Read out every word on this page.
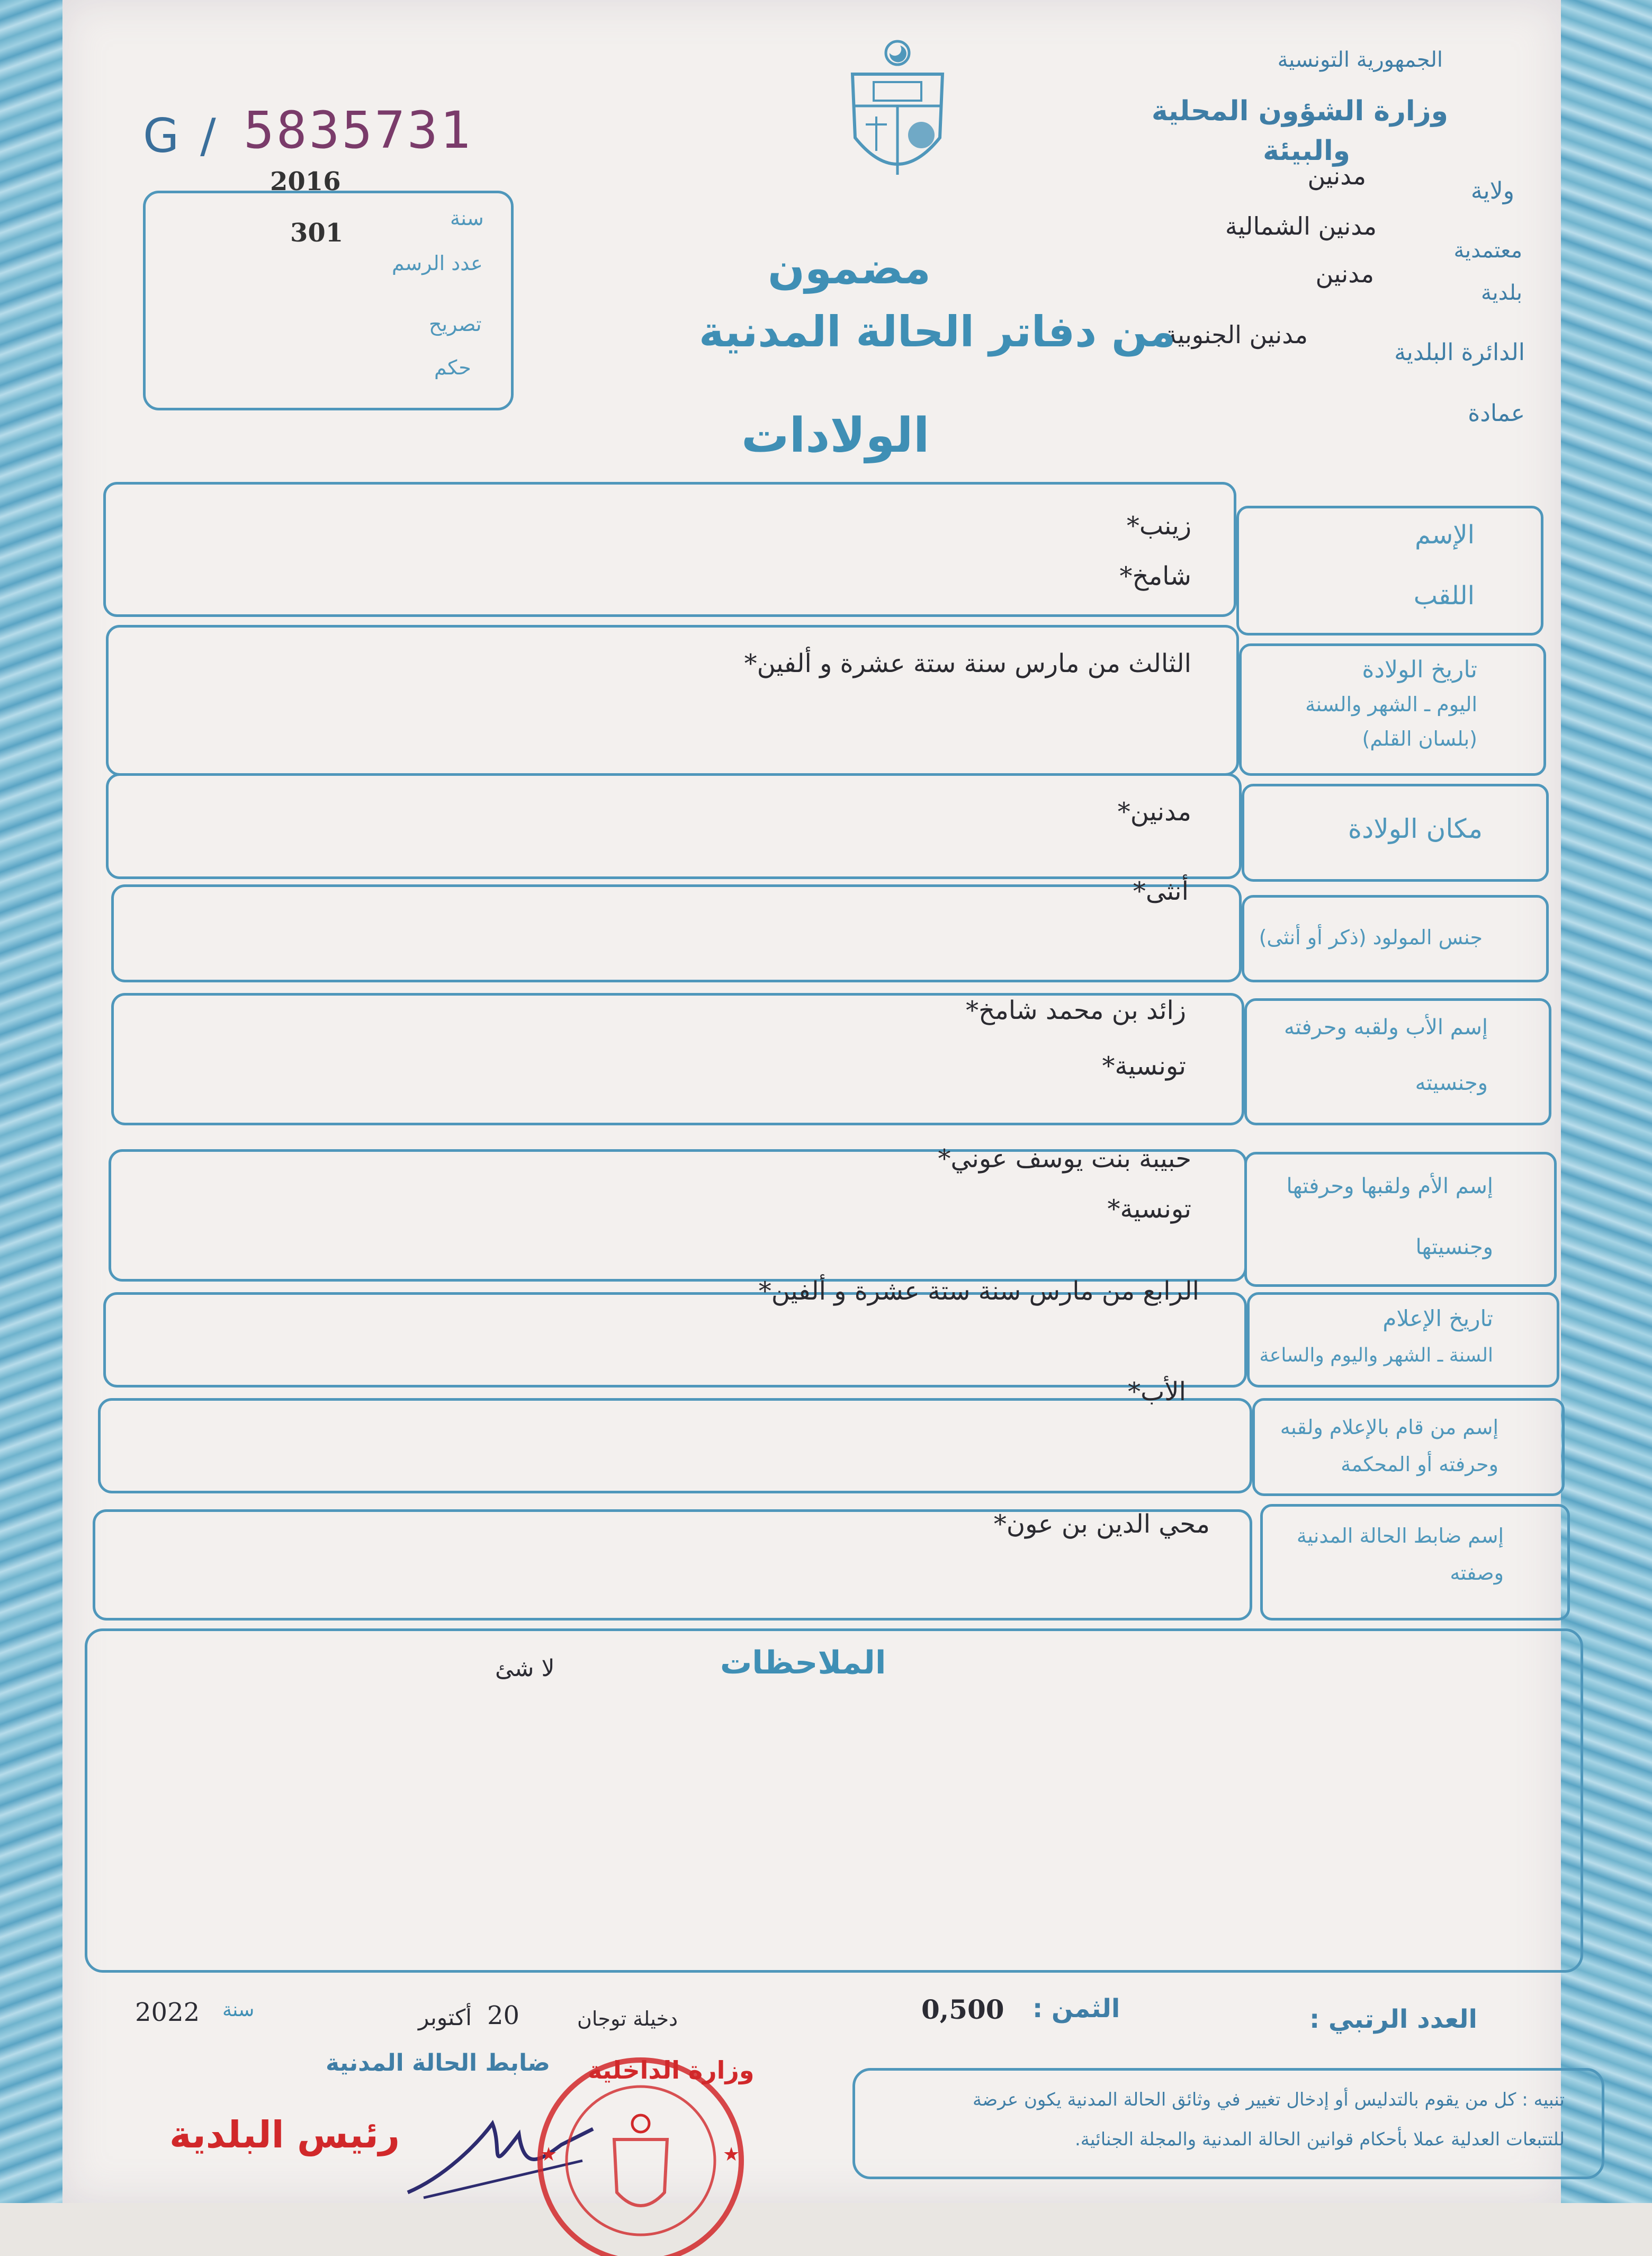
G / 5835731
2016
301	سنة
عدد الرسم
تصريح
حكم
الجمهورية التونسية
وزارة الشؤون المحلية
والبيئة
ولاية
مدنين
معتمدية
مدنين الشمالية
بلدية
مدنين
الدائرة البلدية
مدنين الجنوبية
عمادة
مضمون
من دفاتر الحالة المدنية
الولادات
الإسم
اللقب
زينب*
شامخ*
تاريخ الولادة
اليوم ـ الشهر والسنة
(بلسان القلم)
الثالث من مارس سنة ستة عشرة و ألفين*
مكان الولادة
مدنين*
جنس المولود (ذكر أو أنثى)
أنثى*
إسم الأب ولقبه وحرفته
وجنسيته
زائد بن محمد شامخ*
تونسية*
إسم الأم ولقبها وحرفتها
وجنسيتها
حبيبة بنت يوسف عوني*
تونسية*
تاريخ الإعلام
السنة ـ الشهر واليوم والساعة
الرابع من مارس سنة ستة عشرة و ألفين*
إسم من قام بالإعلام ولقبه
وحرفته أو المحكمة
الأب*
إسم ضابط الحالة المدنية
وصفته
محي الدين بن عون*
الملاحظات
لا شئ
العدد الرتبي :
الثمن :
0,500
دخيلة توجان
20
أكتوبر
سنة
2022
ضابط الحالة المدنية
رئيس البلدية
وزارة الداخلية
★
★
تنبيه : كل من يقوم بالتدليس أو إدخال تغيير في وثائق الحالة المدنية يكون عرضة
للتتبعات العدلية عملا بأحكام قوانين الحالة المدنية والمجلة الجنائية.
